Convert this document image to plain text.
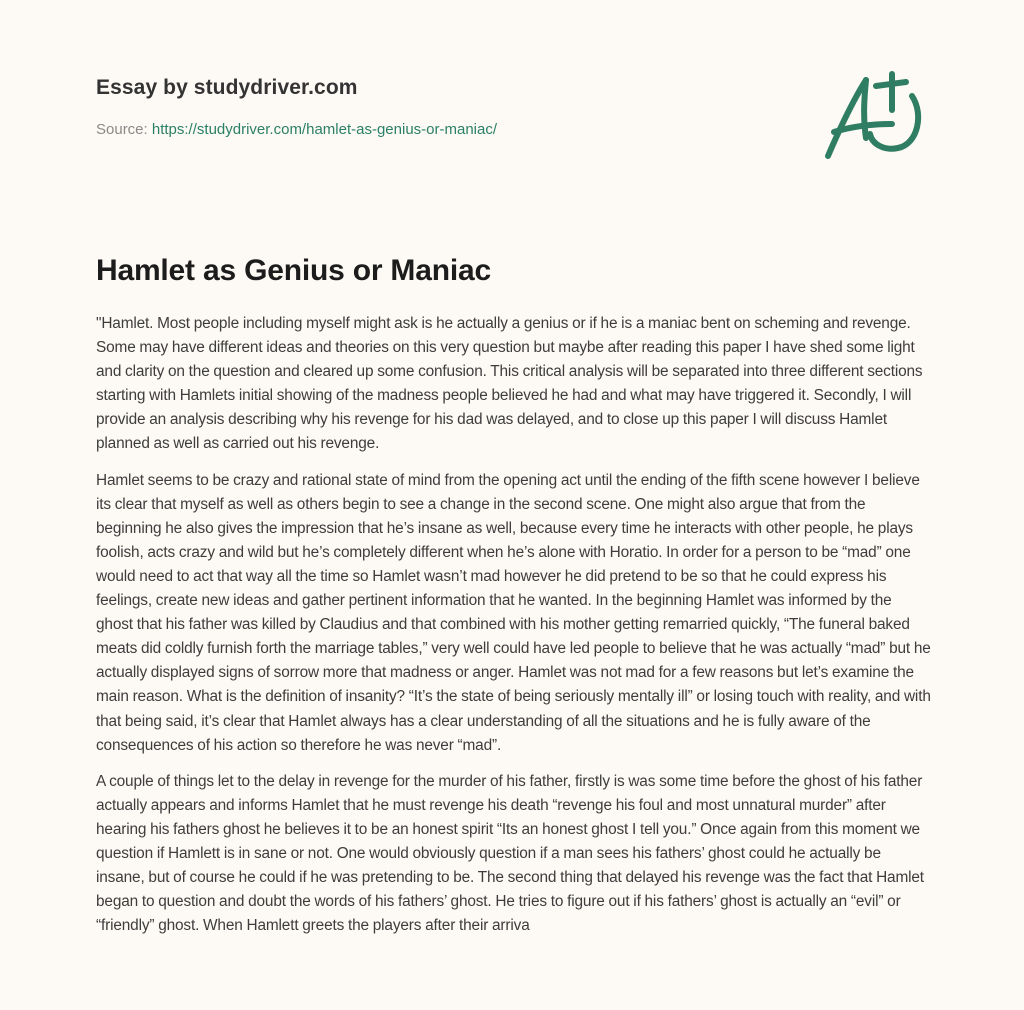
Essay by studydriver.com
Source: https://studydriver.com/hamlet-as-genius-or-maniac/
Hamlet as Genius or Maniac

"Hamlet. Most people including myself might ask is he actually a genius or if he is a maniac bent on scheming and revenge. Some may have different ideas and theories on this very question but maybe after reading this paper I have shed some light and clarity on the question and cleared up some confusion. This critical analysis will be separated into three different sections starting with Hamlets initial showing of the madness people believed he had and what may have triggered it. Secondly, I will provide an analysis describing why his revenge for his dad was delayed, and to close up this paper I will discuss Hamlet planned as well as carried out his revenge.

Hamlet seems to be crazy and rational state of mind from the opening act until the ending of the fifth scene however I believe its clear that myself as well as others begin to see a change in the second scene. One might also argue that from the beginning he also gives the impression that he’s insane as well, because every time he interacts with other people, he plays foolish, acts crazy and wild but he’s completely different when he’s alone with Horatio. In order for a person to be “mad” one would need to act that way all the time so Hamlet wasn’t mad however he did pretend to be so that he could express his feelings, create new ideas and gather pertinent information that he wanted. In the beginning Hamlet was informed by the ghost that his father was killed by Claudius and that combined with his mother getting remarried quickly, “The funeral baked meats did coldly furnish forth the marriage tables,” very well could have led people to believe that he was actually “mad” but he actually displayed signs of sorrow more that madness or anger. Hamlet was not mad for a few reasons but let’s examine the main reason. What is the definition of insanity? “It’s the state of being seriously mentally ill” or losing touch with reality, and with that being said, it’s clear that Hamlet always has a clear understanding of all the situations and he is fully aware of the consequences of his action so therefore he was never “mad”.

A couple of things let to the delay in revenge for the murder of his father, firstly is was some time before the ghost of his father actually appears and informs Hamlet that he must revenge his death “revenge his foul and most unnatural murder” after hearing his fathers ghost he believes it to be an honest spirit “Its an honest ghost I tell you.” Once again from this moment we question if Hamlett is in sane or not. One would obviously question if a man sees his fathers’ ghost could he actually be insane, but of course he could if he was pretending to be. The second thing that delayed his revenge was the fact that Hamlet began to question and doubt the words of his fathers’ ghost. He tries to figure out if his fathers’ ghost is actually an “evil” or “friendly” ghost. When Hamlett greets the players after their arriva
